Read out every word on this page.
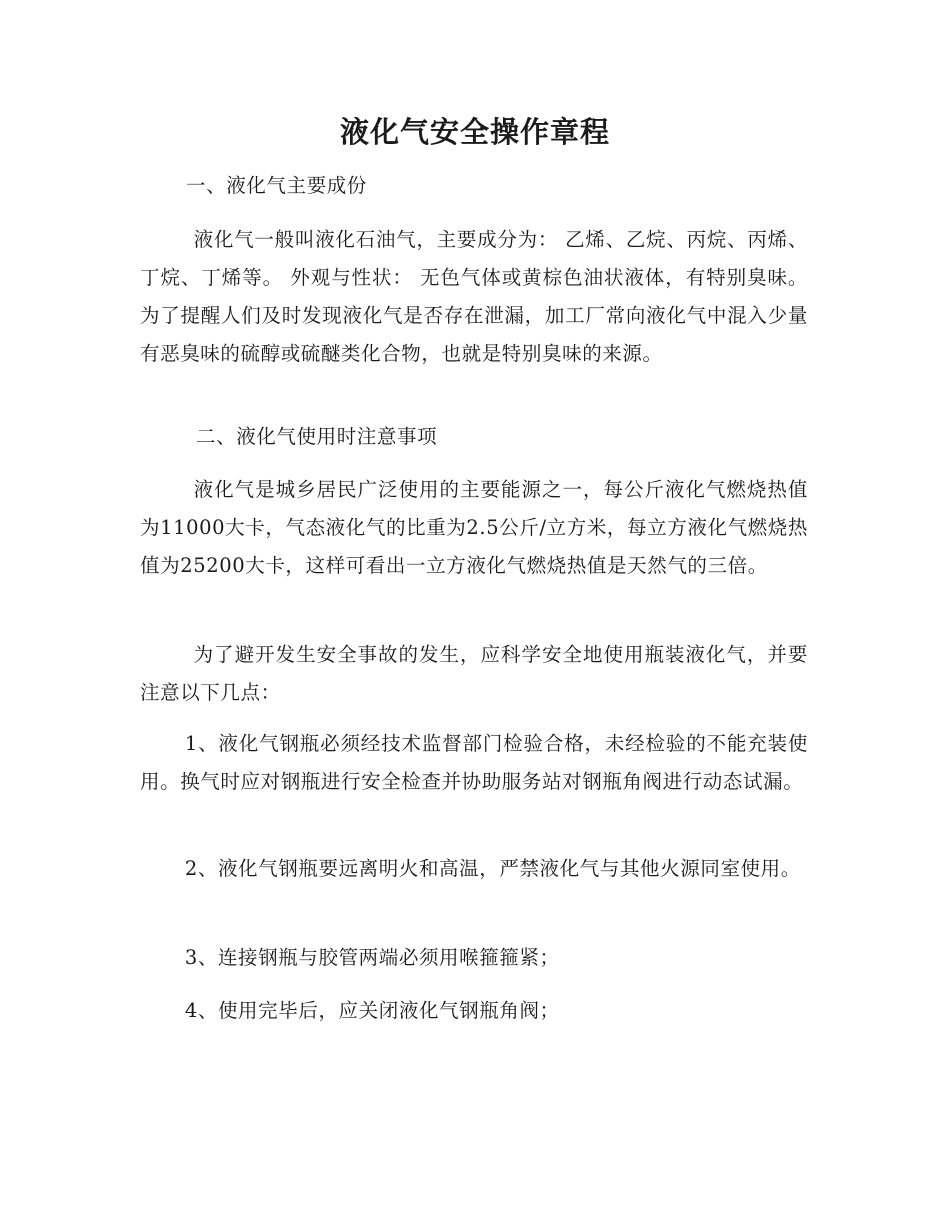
液化气安全操作章程

一、液化气主要成份

液化气一般叫液化石油气，主要成分为： 乙烯、乙烷、丙烷、丙烯、丁烷、丁烯等。 外观与性状： 无色气体或黄棕色油状液体，有特别臭味。为了提醒人们及时发现液化气是否存在泄漏，加工厂常向液化气中混入少量有恶臭味的硫醇或硫醚类化合物，也就是特别臭味的来源。

二、液化气使用时注意事项

液化气是城乡居民广泛使用的主要能源之一，每公斤液化气燃烧热值为11000大卡，气态液化气的比重为2.5公斤/立方米，每立方液化气燃烧热值为25200大卡，这样可看出一立方液化气燃烧热值是天然气的三倍。

为了避开发生安全事故的发生，应科学安全地使用瓶装液化气，并要注意以下几点：

1、液化气钢瓶必须经技术监督部门检验合格，未经检验的不能充装使用。换气时应对钢瓶进行安全检查并协助服务站对钢瓶角阀进行动态试漏。

2、液化气钢瓶要远离明火和高温，严禁液化气与其他火源同室使用。

3、连接钢瓶与胶管两端必须用喉箍箍紧；

4、使用完毕后，应关闭液化气钢瓶角阀；
